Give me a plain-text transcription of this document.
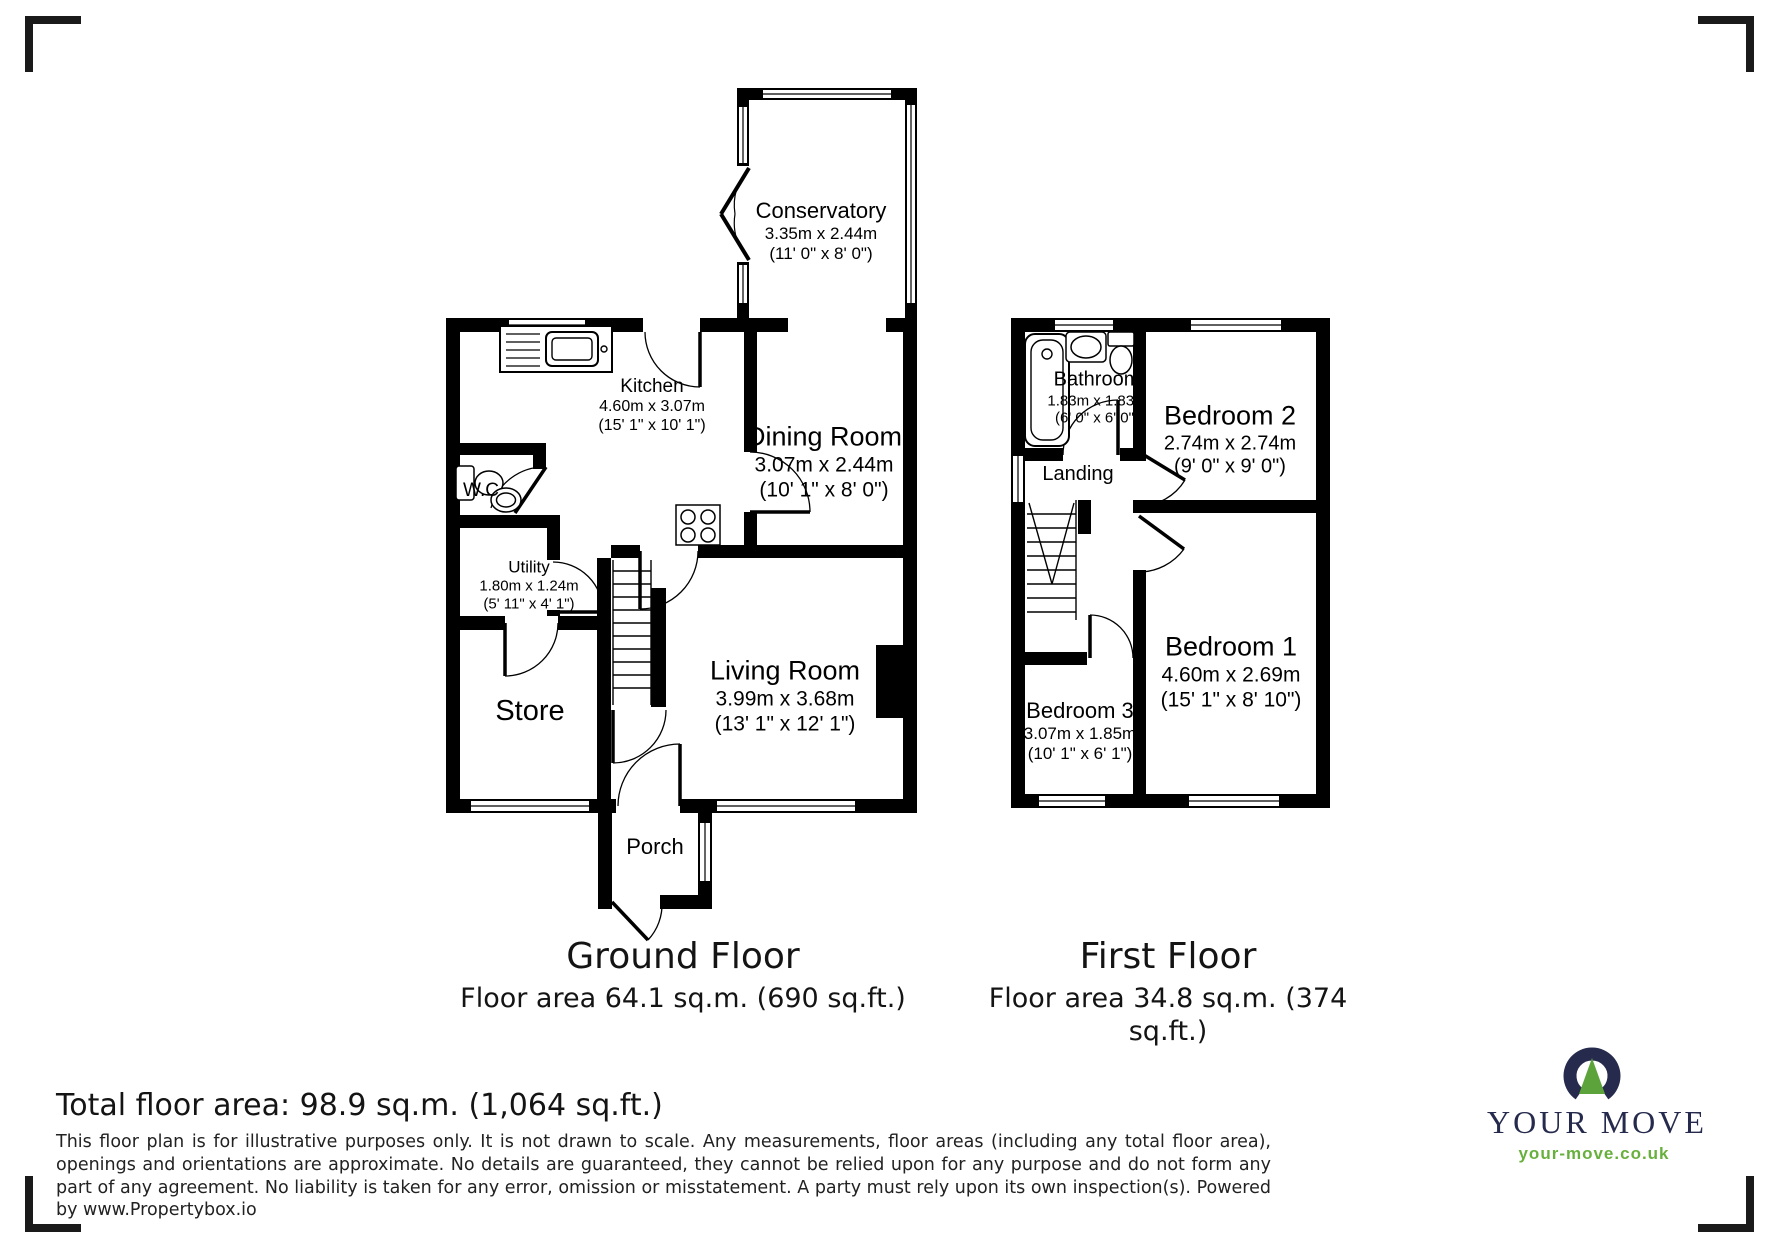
Conservatory
3.35m x 2.44m
(11' 0" x 8' 0")
Kitchen
4.60m x 3.07m
(15' 1" x 10' 1") Dining Room
3.07m x 2.44m
(10' 1" x 8' 0")
W.C
Utility
1.80m x 1.24m
(5' 11" x 4' 1")
Store
Living Room
3.99m x 3.68m
(13' 1" x 12' 1")
Porch
Bathroom
1.83m x 1.83m
(6' 0" x 6' 0")
Landing
Bedroom 2
2.74m x 2.74m
(9' 0" x 9' 0")
Bedroom 1
4.60m x 2.69m
(15' 1" x 8' 10")
Bedroom 3
3.07m x 1.85m
(10' 1" x 6' 1")
Ground Floor
Floor area 64.1 sq.m. (690 sq.ft.)
First Floor
Floor area 34.8 sq.m. (374 sq.ft.)
Total floor area: 98.9 sq.m. (1,064 sq.ft.)
This floor plan is for illustrative purposes only. It is not drawn to scale. Any measurements, floor areas (including any total floor area), openings and orientations are approximate. No details are guaranteed, they cannot be relied upon for any purpose and do not form any part of any agreement. No liability is taken for any error, omission or misstatement. A party must rely upon its own inspection(s). Powered by www.Propertybox.io
YOUR MOVE
your-move.co.uk
